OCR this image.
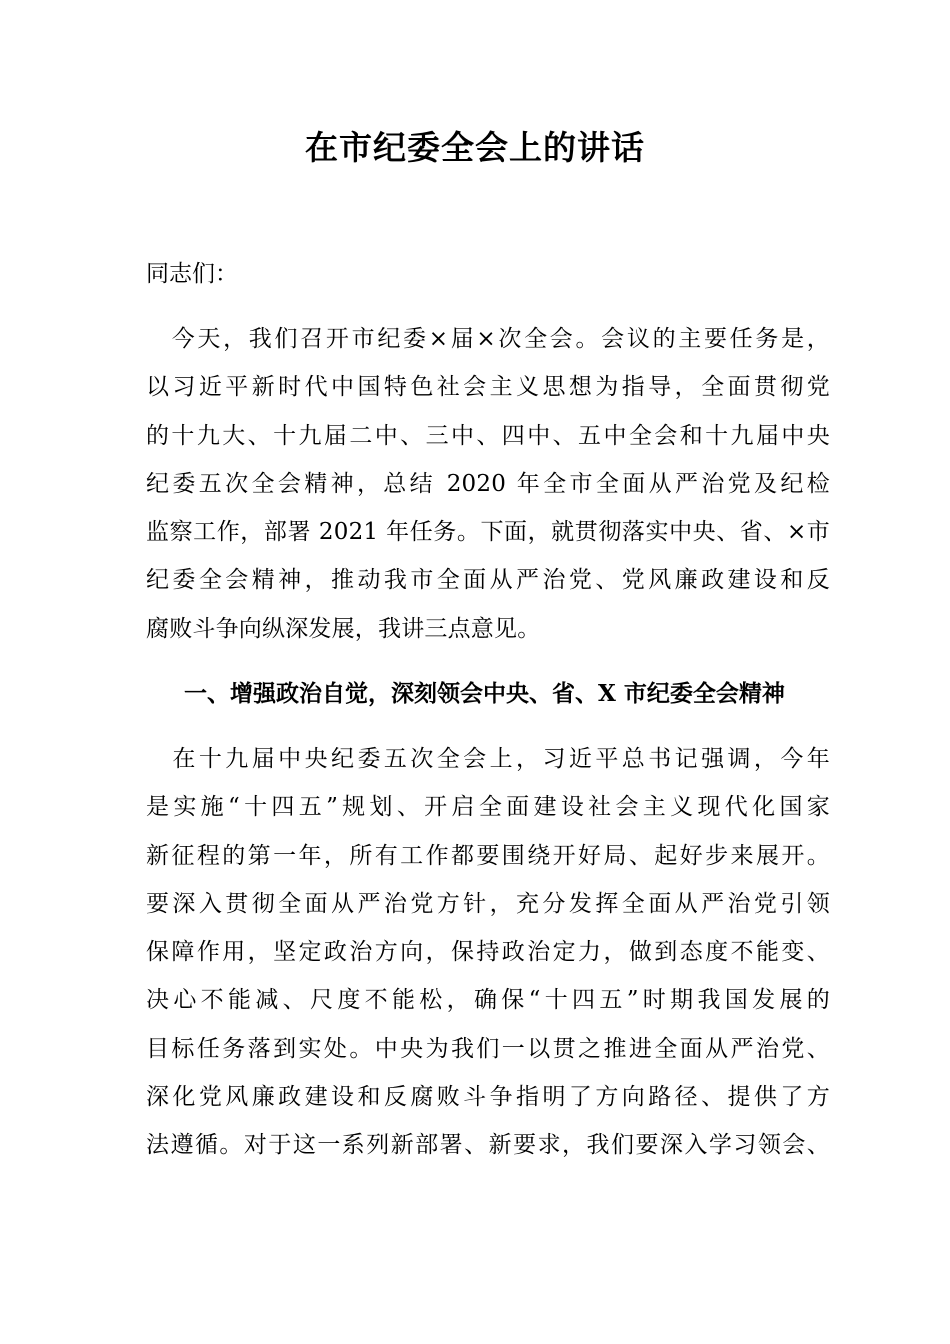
在市纪委全会上的讲话
同志们：
　今天，我们召开市纪委×届×次全会。会议的主要任务是，
以习近平新时代中国特色社会主义思想为指导，全面贯彻党
的十九大、十九届二中、三中、四中、五中全会和十九届中央
纪委五次全会精神，总结 2020 年全市全面从严治党及纪检
监察工作，部署 2021 年任务。下面，就贯彻落实中央、省、×市
纪委全会精神，推动我市全面从严治党、党风廉政建设和反
腐败斗争向纵深发展，我讲三点意见。
一、增强政治自觉，深刻领会中央、省、X 市纪委全会精神
　在十九届中央纪委五次全会上，习近平总书记强调，今年
是实施“十四五”规划、开启全面建设社会主义现代化国家
新征程的第一年，所有工作都要围绕开好局、起好步来展开。
要深入贯彻全面从严治党方针，充分发挥全面从严治党引领
保障作用，坚定政治方向，保持政治定力，做到态度不能变、
决心不能减、尺度不能松，确保“十四五”时期我国发展的
目标任务落到实处。中央为我们一以贯之推进全面从严治党、
深化党风廉政建设和反腐败斗争指明了方向路径、提供了方
法遵循。对于这一系列新部署、新要求，我们要深入学习领会、
